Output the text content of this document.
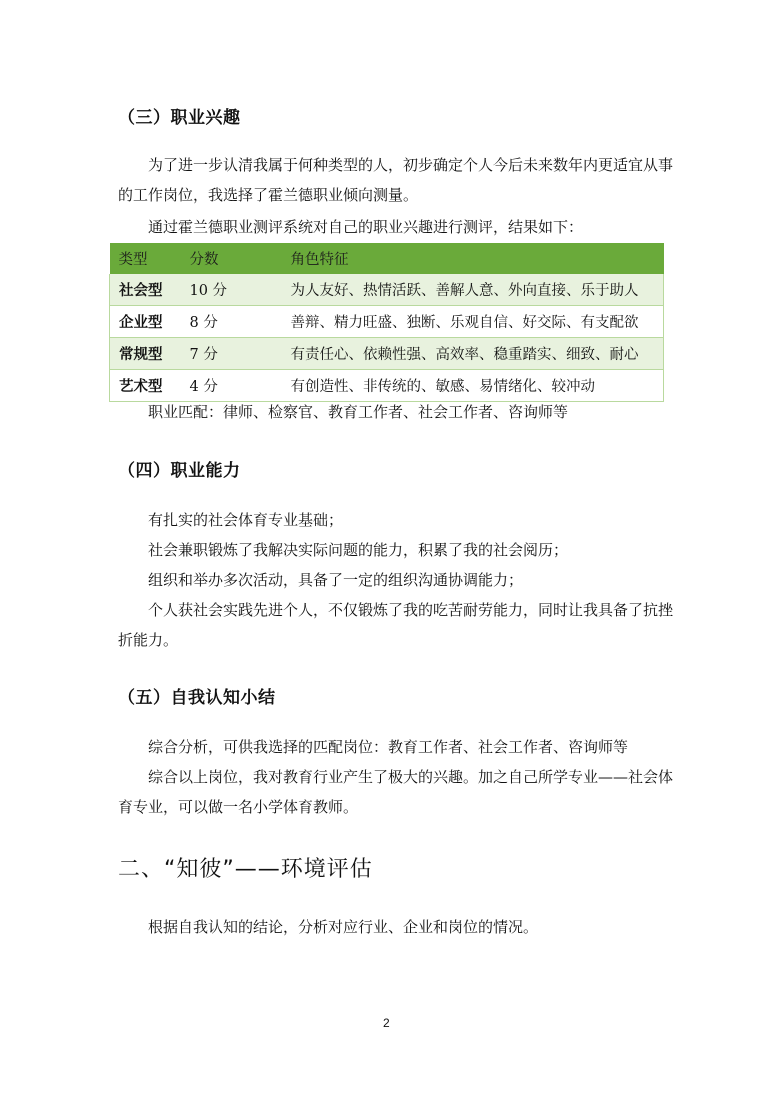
（三）职业兴趣
为了进一步认清我属于何种类型的人，初步确定个人今后未来数年内更适宜从事的工作岗位，我选择了霍兰德职业倾向测量。
通过霍兰德职业测评系统对自己的职业兴趣进行测评，结果如下：
类型	分数	角色特征
社会型	10 分	为人友好、热情活跃、善解人意、外向直接、乐于助人
企业型	8 分	善辩、精力旺盛、独断、乐观自信、好交际、有支配欲
常规型	7 分	有责任心、依赖性强、高效率、稳重踏实、细致、耐心
艺术型	4 分	有创造性、非传统的、敏感、易情绪化、较冲动
职业匹配：律师、检察官、教育工作者、社会工作者、咨询师等
（四）职业能力
有扎实的社会体育专业基础；
社会兼职锻炼了我解决实际问题的能力，积累了我的社会阅历；
组织和举办多次活动，具备了一定的组织沟通协调能力；
个人获社会实践先进个人，不仅锻炼了我的吃苦耐劳能力，同时让我具备了抗挫折能力。
（五）自我认知小结
综合分析，可供我选择的匹配岗位：教育工作者、社会工作者、咨询师等
综合以上岗位，我对教育行业产生了极大的兴趣。加之自己所学专业——社会体育专业，可以做一名小学体育教师。
二、“知彼”——环境评估
根据自我认知的结论，分析对应行业、企业和岗位的情况。
2
